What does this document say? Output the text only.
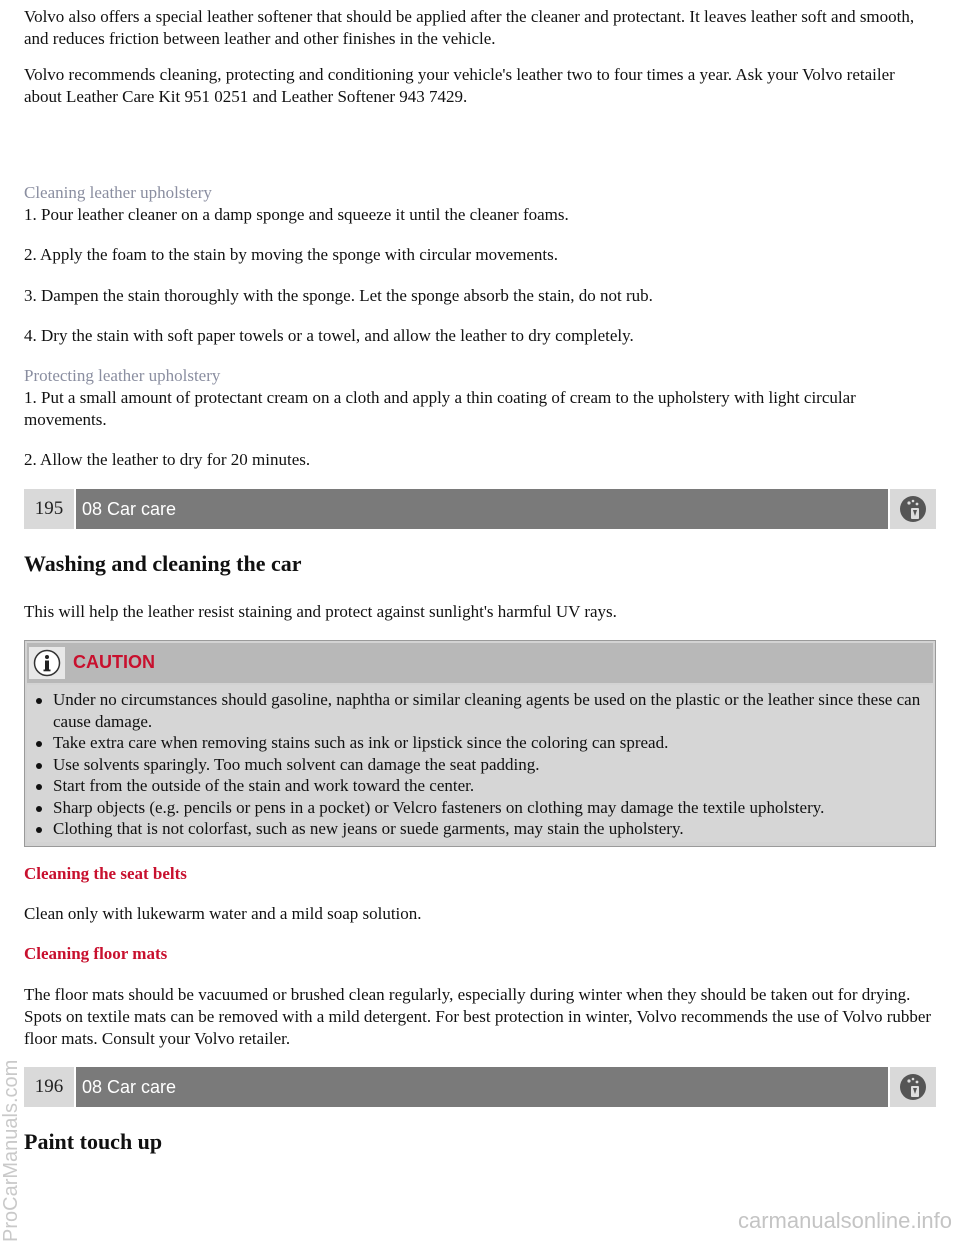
Volvo also offers a special leather softener that should be applied after the cleaner and protectant. It leaves leather soft and smooth, and reduces friction between leather and other finishes in the vehicle.

Volvo recommends cleaning, protecting and conditioning your vehicle's leather two to four times a year. Ask your Volvo retailer about Leather Care Kit 951 0251 and Leather Softener 943 7429.

Cleaning leather upholstery

1. Pour leather cleaner on a damp sponge and squeeze it until the cleaner foams.

2. Apply the foam to the stain by moving the sponge with circular movements.

3. Dampen the stain thoroughly with the sponge. Let the sponge absorb the stain, do not rub.

4. Dry the stain with soft paper towels or a towel, and allow the leather to dry completely.

Protecting leather upholstery

1. Put a small amount of protectant cream on a cloth and apply a thin coating of cream to the upholstery with light circular movements.

2. Allow the leather to dry for 20 minutes.

195	08 Car care

Washing and cleaning the car

This will help the leather resist staining and protect against sunlight's harmful UV rays.

CAUTION
Under no circumstances should gasoline, naphtha or similar cleaning agents be used on the plastic or the leather since these can cause damage.
Take extra care when removing stains such as ink or lipstick since the coloring can spread.
Use solvents sparingly. Too much solvent can damage the seat padding.
Start from the outside of the stain and work toward the center.
Sharp objects (e.g. pencils or pens in a pocket) or Velcro fasteners on clothing may damage the textile upholstery.
Clothing that is not colorfast, such as new jeans or suede garments, may stain the upholstery.

Cleaning the seat belts

Clean only with lukewarm water and a mild soap solution.

Cleaning floor mats

The floor mats should be vacuumed or brushed clean regularly, especially during winter when they should be taken out for drying. Spots on textile mats can be removed with a mild detergent. For best protection in winter, Volvo recommends the use of Volvo rubber floor mats. Consult your Volvo retailer.

196	08 Car care

Paint touch up

ProCarManuals.com	carmanualsonline.info
